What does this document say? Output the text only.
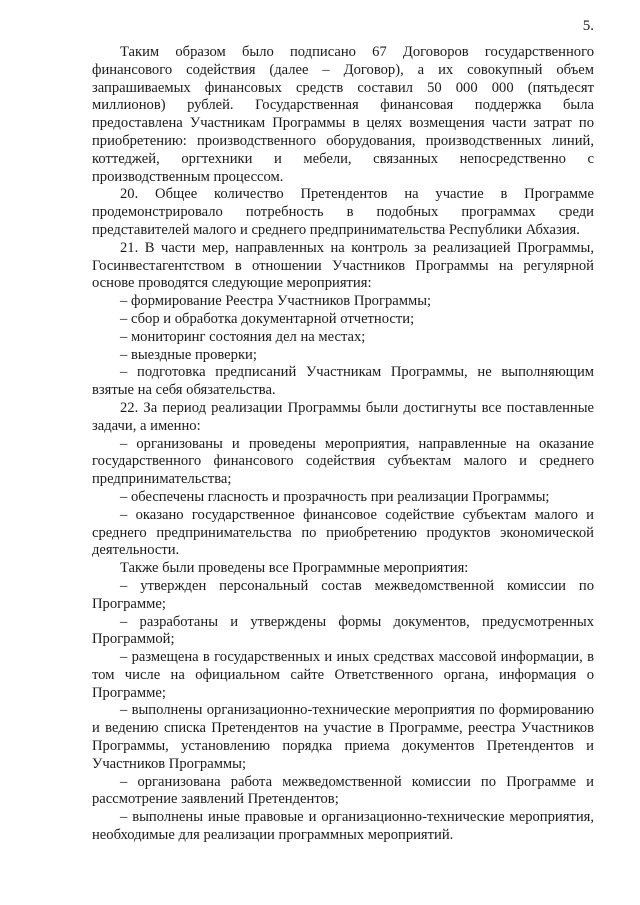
5.

Таким образом было подписано 67 Договоров государственного финансового содействия (далее – Договор), а их совокупный объем запрашиваемых финансовых средств составил 50 000 000 (пятьдесят миллионов) рублей. Государственная финансовая поддержка была предоставлена Участникам Программы в целях возмещения части затрат по приобретению: производственного оборудования, производственных линий, коттеджей, оргтехники и мебели, связанных непосредственно с производственным процессом.

20. Общее количество Претендентов на участие в Программе продемонстрировало потребность в подобных программах среди представителей малого и среднего предпринимательства Республики Абхазия.

21. В части мер, направленных на контроль за реализацией Программы, Госинвестагентством в отношении Участников Программы на регулярной основе проводятся следующие мероприятия:

– формирование Реестра Участников Программы;

– сбор и обработка документарной отчетности;

– мониторинг состояния дел на местах;

– выездные проверки;

– подготовка предписаний Участникам Программы, не выполняющим взятые на себя обязательства.

22. За период реализации Программы были достигнуты все поставленные задачи, а именно:

– организованы и проведены мероприятия, направленные на оказание государственного финансового содействия субъектам малого и среднего предпринимательства;

– обеспечены гласность и прозрачность при реализации Программы;

– оказано государственное финансовое содействие субъектам малого и среднего предпринимательства по приобретению продуктов экономической деятельности.

Также были проведены все Программные мероприятия:

– утвержден персональный состав межведомственной комиссии по Программе;

– разработаны и утверждены формы документов, предусмотренных Программой;

– размещена в государственных и иных средствах массовой информации, в том числе на официальном сайте Ответственного органа, информация о Программе;

– выполнены организационно-технические мероприятия по формированию и ведению списка Претендентов на участие в Программе, реестра Участников Программы, установлению порядка приема документов Претендентов и Участников Программы;

– организована работа межведомственной комиссии по Программе и рассмотрение заявлений Претендентов;

– выполнены иные правовые и организационно-технические мероприятия, необходимые для реализации программных мероприятий.
